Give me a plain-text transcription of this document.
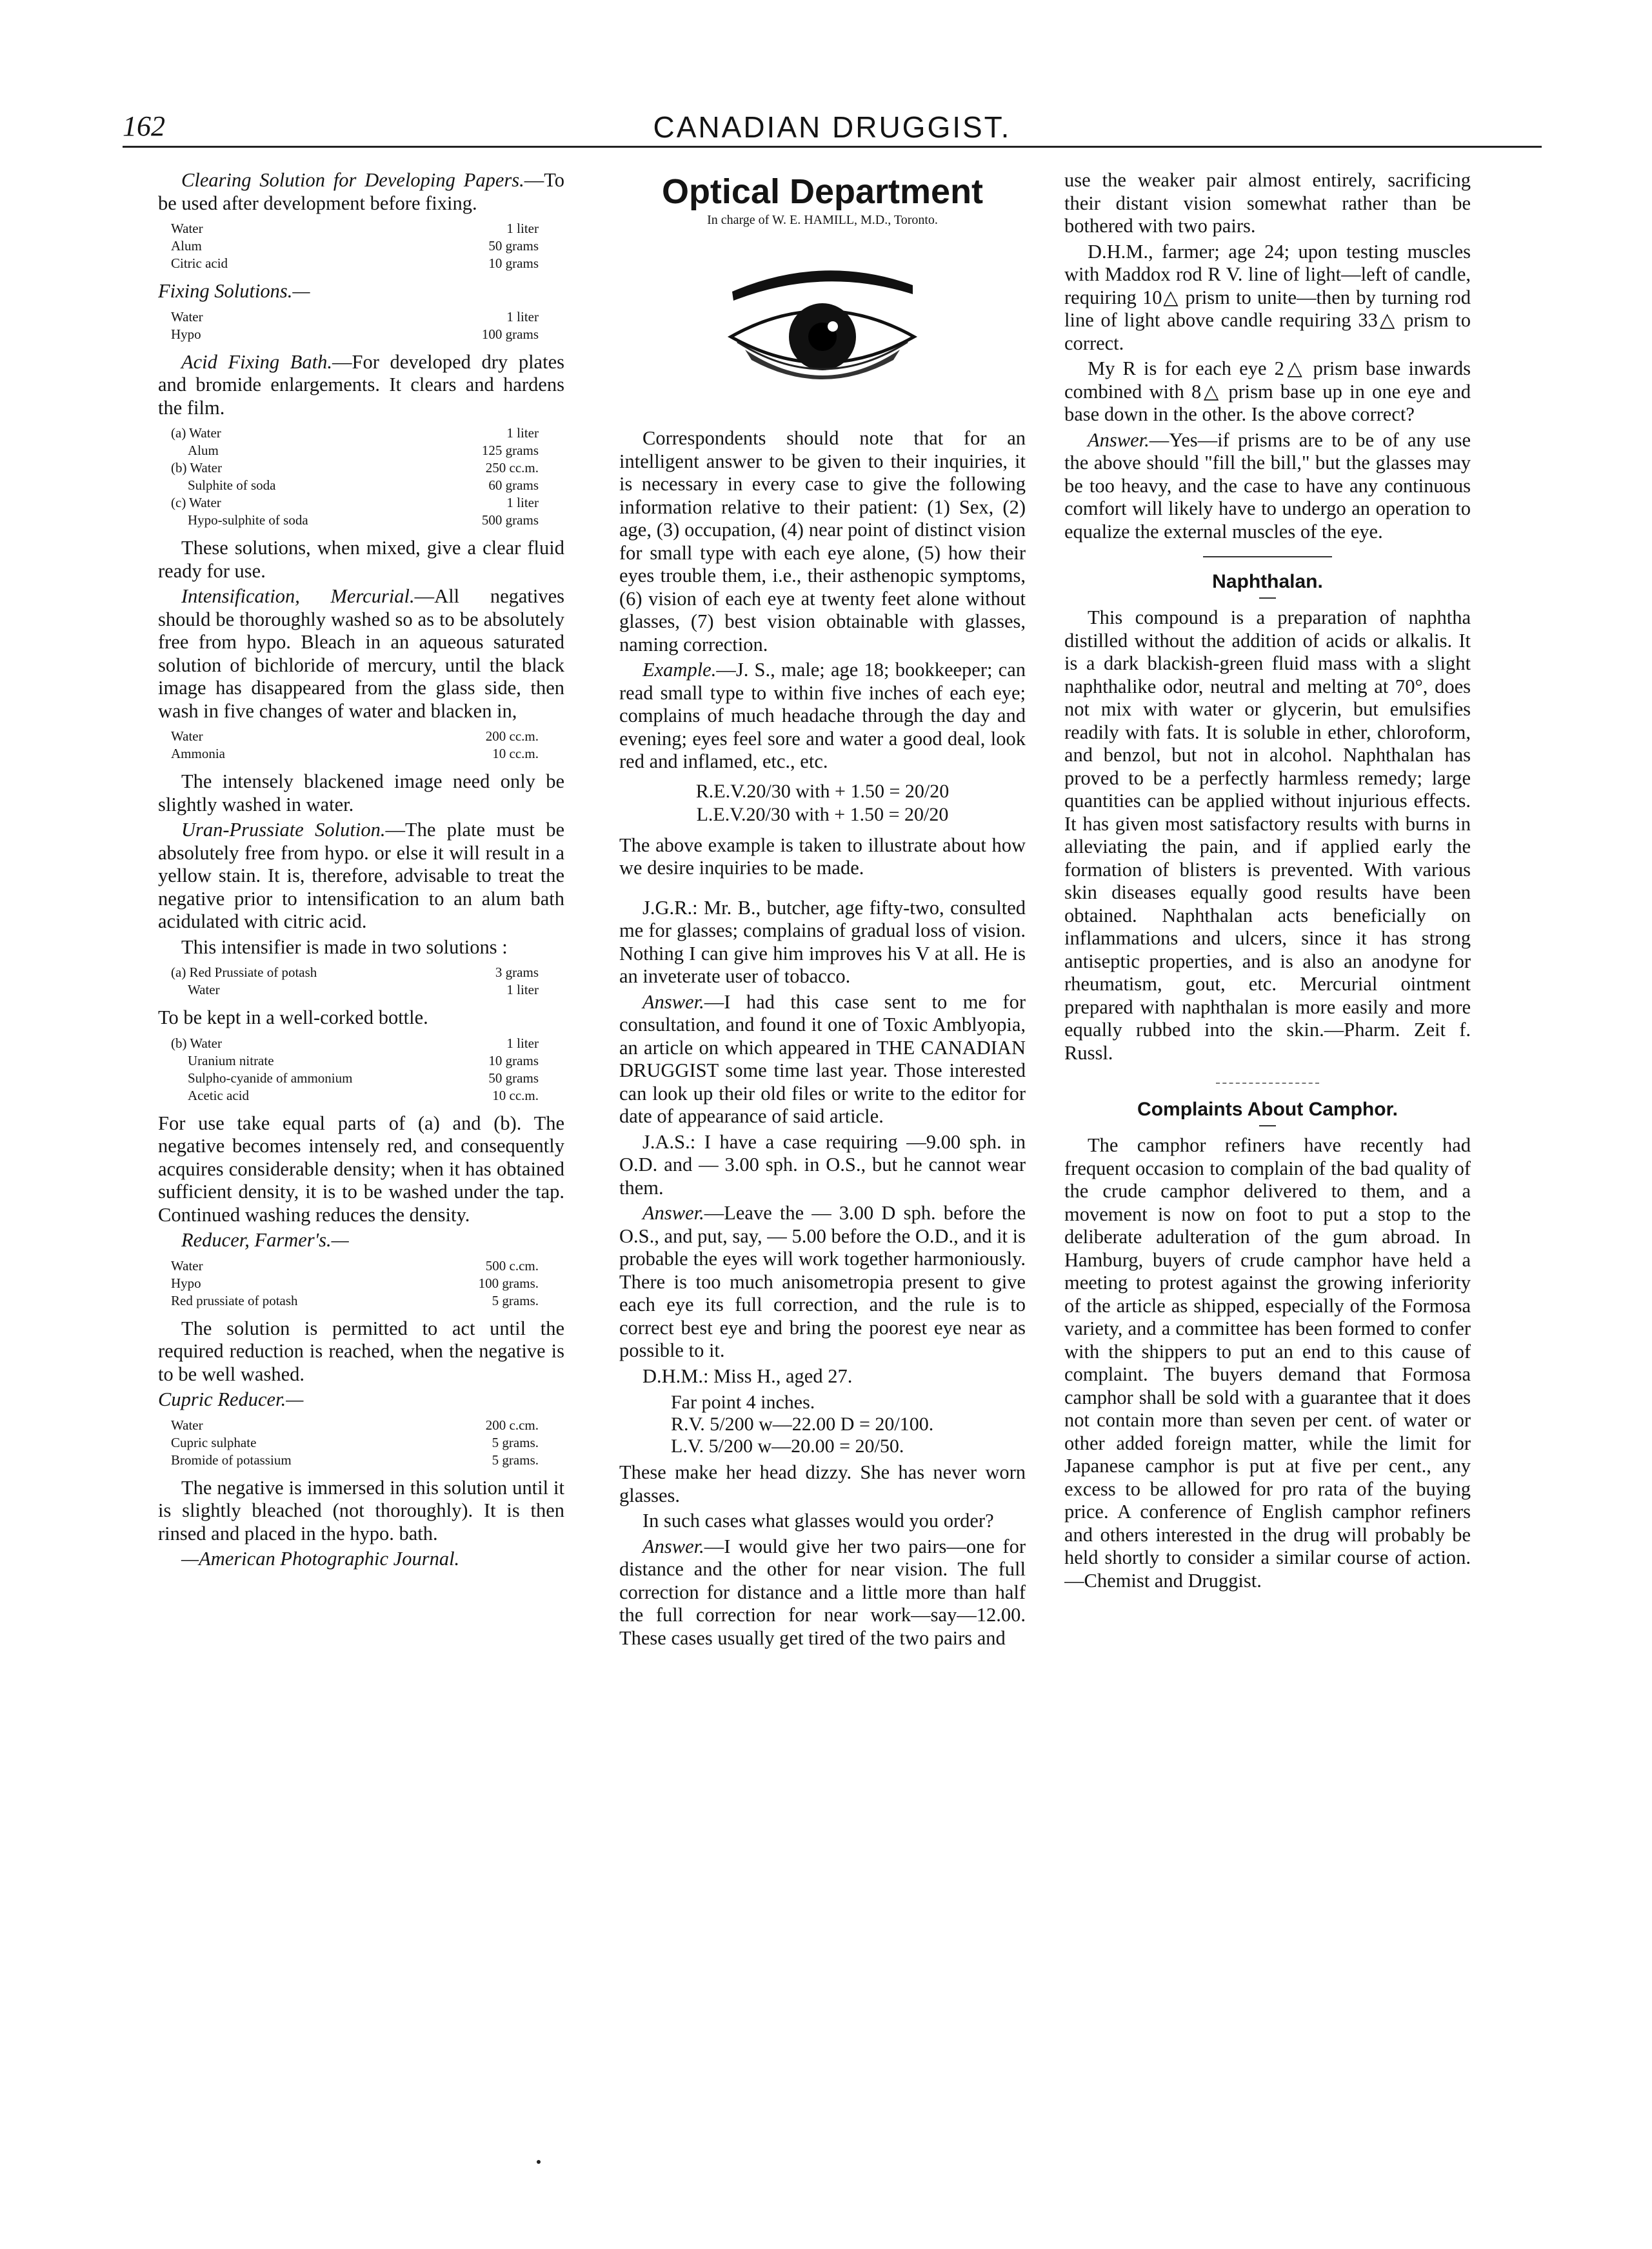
162	CANADIAN DRUGGIST.

Clearing Solution for Developing Papers.—To be used after development before fixing.

Water	1 liter
Alum	50 grams
Citric acid	10 grams

Fixing Solutions.—

Water	1 liter
Hypo	100 grams

Acid Fixing Bath.—For developed dry plates and bromide enlargements. It clears and hardens the film.

(a) Water	1 liter
Alum	125 grams
(b) Water	250 cc.m.
Sulphite of soda	60 grams
(c) Water	1 liter
Hypo-sulphite of soda	500 grams

These solutions, when mixed, give a clear fluid ready for use.

Intensification, Mercurial.—All negatives should be thoroughly washed so as to be absolutely free from hypo. Bleach in an aqueous saturated solution of bichloride of mercury, until the black image has disappeared from the glass side, then wash in five changes of water and blacken in,

Water	200 cc.m.
Ammonia	10 cc.m.

The intensely blackened image need only be slightly washed in water.

Uran-Prussiate Solution.—The plate must be absolutely free from hypo. or else it will result in a yellow stain. It is, therefore, advisable to treat the negative prior to intensification to an alum bath acidulated with citric acid.

This intensifier is made in two solutions :

(a) Red Prussiate of potash	3 grams
Water	1 liter

To be kept in a well-corked bottle.

(b) Water	1 liter
Uranium nitrate	10 grams
Sulpho-cyanide of ammonium	50 grams
Acetic acid	10 cc.m.

For use take equal parts of (a) and (b). The negative becomes intensely red, and consequently acquires considerable density; when it has obtained sufficient density, it is to be washed under the tap. Continued washing reduces the density.

Reducer, Farmer's.—

Water	500 c.cm.
Hypo	100 grams.
Red prussiate of potash	5 grams.

The solution is permitted to act until the required reduction is reached, when the negative is to be well washed.

Cupric Reducer.—

Water	200 c.cm.
Cupric sulphate	5 grams.
Bromide of potassium	5 grams.

The negative is immersed in this solution until it is slightly bleached (not thoroughly). It is then rinsed and placed in the hypo. bath.

—American Photographic Journal.

Optical Department
In charge of W. E. HAMILL, M.D., Toronto.

Correspondents should note that for an intelligent answer to be given to their inquiries, it is necessary in every case to give the following information relative to their patient: (1) Sex, (2) age, (3) occupation, (4) near point of distinct vision for small type with each eye alone, (5) how their eyes trouble them, i.e., their asthenopic symptoms, (6) vision of each eye at twenty feet alone without glasses, (7) best vision obtainable with glasses, naming correction.

Example.—J. S., male; age 18; bookkeeper; can read small type to within five inches of each eye; complains of much headache through the day and evening; eyes feel sore and water a good deal, look red and inflamed, etc., etc.

R.E.V.20/30 with + 1.50 = 20/20
L.E.V.20/30 with + 1.50 = 20/20

The above example is taken to illustrate about how we desire inquiries to be made.

J.G.R.: Mr. B., butcher, age fifty-two, consulted me for glasses; complains of gradual loss of vision. Nothing I can give him improves his V at all. He is an inveterate user of tobacco.

Answer.—I had this case sent to me for consultation, and found it one of Toxic Amblyopia, an article on which appeared in THE CANADIAN DRUGGIST some time last year. Those interested can look up their old files or write to the editor for date of appearance of said article.

J.A.S.: I have a case requiring —9.00 sph. in O.D. and — 3.00 sph. in O.S., but he cannot wear them.

Answer.—Leave the — 3.00 D sph. before the O.S., and put, say, — 5.00 before the O.D., and it is probable the eyes will work together harmoniously. There is too much anisometropia present to give each eye its full correction, and the rule is to correct best eye and bring the poorest eye near as possible to it.

D.H.M.: Miss H., aged 27.

Far point 4 inches.
R.V. 5/200 w—22.00 D = 20/100.
L.V. 5/200 w—20.00 = 20/50.

These make her head dizzy. She has never worn glasses.

In such cases what glasses would you order?

Answer.—I would give her two pairs—one for distance and the other for near vision. The full correction for distance and a little more than half the full correction for near work—say—12.00. These cases usually get tired of the two pairs and

use the weaker pair almost entirely, sacrificing their distant vision somewhat rather than be bothered with two pairs.

D.H.M., farmer; age 24; upon testing muscles with Maddox rod R V. line of light—left of candle, requiring 10△ prism to unite—then by turning rod line of light above candle requiring 33△ prism to correct.

My R is for each eye 2△ prism base inwards combined with 8△ prism base up in one eye and base down in the other. Is the above correct?

Answer.—Yes—if prisms are to be of any use the above should "fill the bill," but the glasses may be too heavy, and the case to have any continuous comfort will likely have to undergo an operation to equalize the external muscles of the eye.

Naphthalan.

This compound is a preparation of naphtha distilled without the addition of acids or alkalis. It is a dark blackish-green fluid mass with a slight naphthalike odor, neutral and melting at 70°, does not mix with water or glycerin, but emulsifies readily with fats. It is soluble in ether, chloroform, and benzol, but not in alcohol. Naphthalan has proved to be a perfectly harmless remedy; large quantities can be applied without injurious effects. It has given most satisfactory results with burns in alleviating the pain, and if applied early the formation of blisters is prevented. With various skin diseases equally good results have been obtained. Naphthalan acts beneficially on inflammations and ulcers, since it has strong antiseptic properties, and is also an anodyne for rheumatism, gout, etc. Mercurial ointment prepared with naphthalan is more easily and more equally rubbed into the skin.—Pharm. Zeit f. Russl.

Complaints About Camphor.

The camphor refiners have recently had frequent occasion to complain of the bad quality of the crude camphor delivered to them, and a movement is now on foot to put a stop to the deliberate adulteration of the gum abroad. In Hamburg, buyers of crude camphor have held a meeting to protest against the growing inferiority of the article as shipped, especially of the Formosa variety, and a committee has been formed to confer with the shippers to put an end to this cause of complaint. The buyers demand that Formosa camphor shall be sold with a guarantee that it does not contain more than seven per cent. of water or other added foreign matter, while the limit for Japanese camphor is put at five per cent., any excess to be allowed for pro rata of the buying price. A conference of English camphor refiners and others interested in the drug will probably be held shortly to consider a similar course of action.—Chemist and Druggist.
